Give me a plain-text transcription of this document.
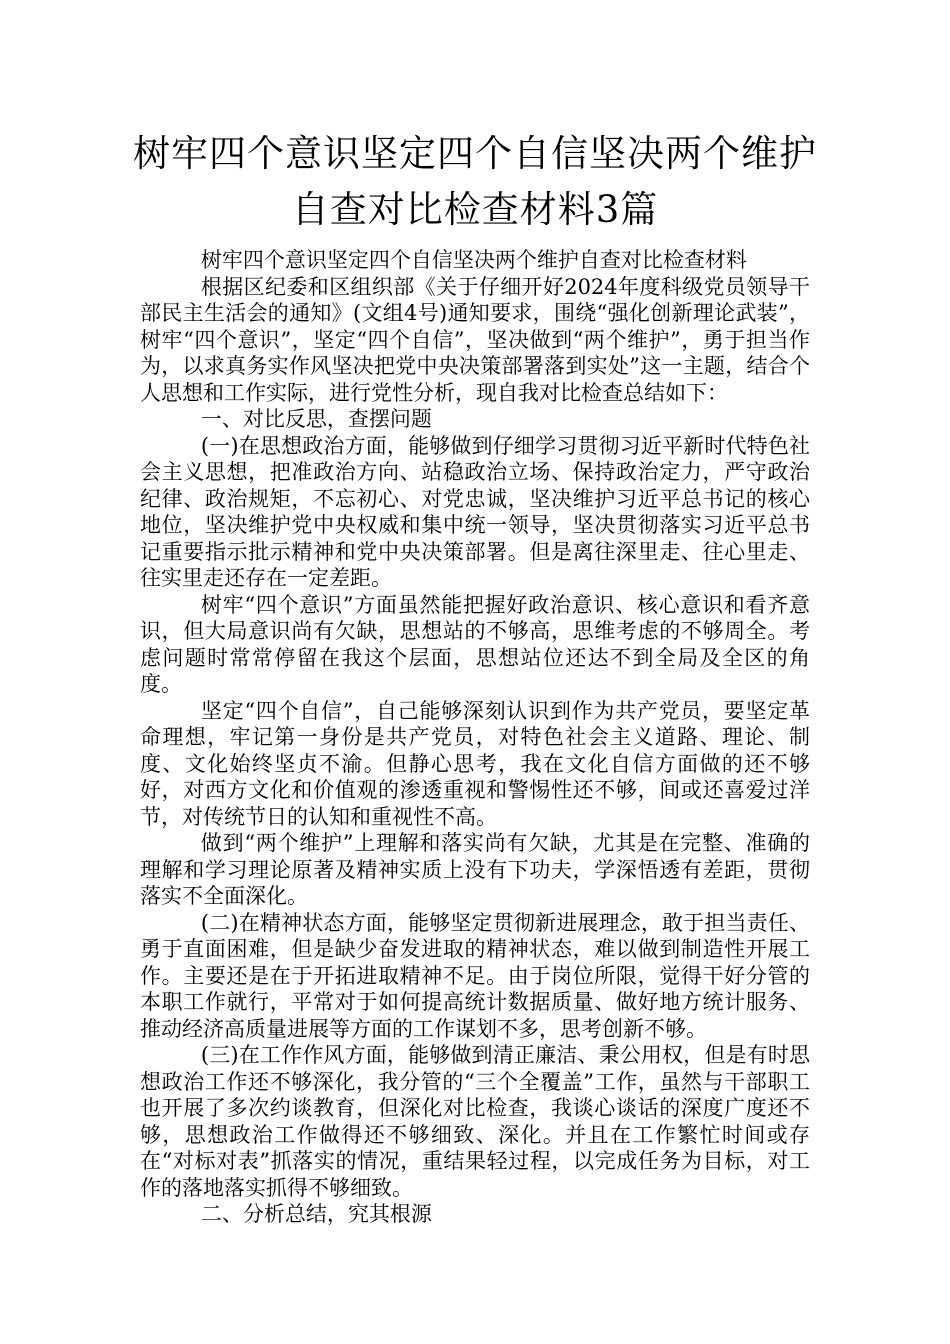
树牢四个意识坚定四个自信坚决两个维护
自查对比检查材料3篇

树牢四个意识坚定四个自信坚决两个维护自查对比检查材料

根据区纪委和区组织部《关于仔细开好2024年度科级党员领导干部民主生活会的通知》(文组4号)通知要求，围绕“强化创新理论武装”，树牢“四个意识”，坚定“四个自信”，坚决做到“两个维护”，勇于担当作为，以求真务实作风坚决把党中央决策部署落到实处”这一主题，结合个人思想和工作实际，进行党性分析，现自我对比检查总结如下：

一、对比反思，查摆问题

(一)在思想政治方面，能够做到仔细学习贯彻习近平新时代特色社会主义思想，把准政治方向、站稳政治立场、保持政治定力，严守政治纪律、政治规矩，不忘初心、对党忠诚，坚决维护习近平总书记的核心地位，坚决维护党中央权威和集中统一领导，坚决贯彻落实习近平总书记重要指示批示精神和党中央决策部署。但是离往深里走、往心里走、往实里走还存在一定差距。

树牢“四个意识”方面虽然能把握好政治意识、核心意识和看齐意识，但大局意识尚有欠缺，思想站的不够高，思维考虑的不够周全。考虑问题时常常停留在我这个层面，思想站位还达不到全局及全区的角度。

坚定“四个自信”，自己能够深刻认识到作为共产党员，要坚定革命理想，牢记第一身份是共产党员，对特色社会主义道路、理论、制度、文化始终坚贞不渝。但静心思考，我在文化自信方面做的还不够好，对西方文化和价值观的渗透重视和警惕性还不够，间或还喜爱过洋节，对传统节日的认知和重视性不高。

做到“两个维护”上理解和落实尚有欠缺，尤其是在完整、准确的理解和学习理论原著及精神实质上没有下功夫，学深悟透有差距，贯彻落实不全面深化。

(二)在精神状态方面，能够坚定贯彻新进展理念，敢于担当责任、勇于直面困难，但是缺少奋发进取的精神状态，难以做到制造性开展工作。主要还是在于开拓进取精神不足。由于岗位所限，觉得干好分管的本职工作就行，平常对于如何提高统计数据质量、做好地方统计服务、推动经济高质量进展等方面的工作谋划不多，思考创新不够。

(三)在工作作风方面，能够做到清正廉洁、秉公用权，但是有时思想政治工作还不够深化，我分管的“三个全覆盖”工作，虽然与干部职工也开展了多次约谈教育，但深化对比检查，我谈心谈话的深度广度还不够，思想政治工作做得还不够细致、深化。并且在工作繁忙时间或存在“对标对表”抓落实的情况，重结果轻过程，以完成任务为目标，对工作的落地落实抓得不够细致。

二、分析总结，究其根源
